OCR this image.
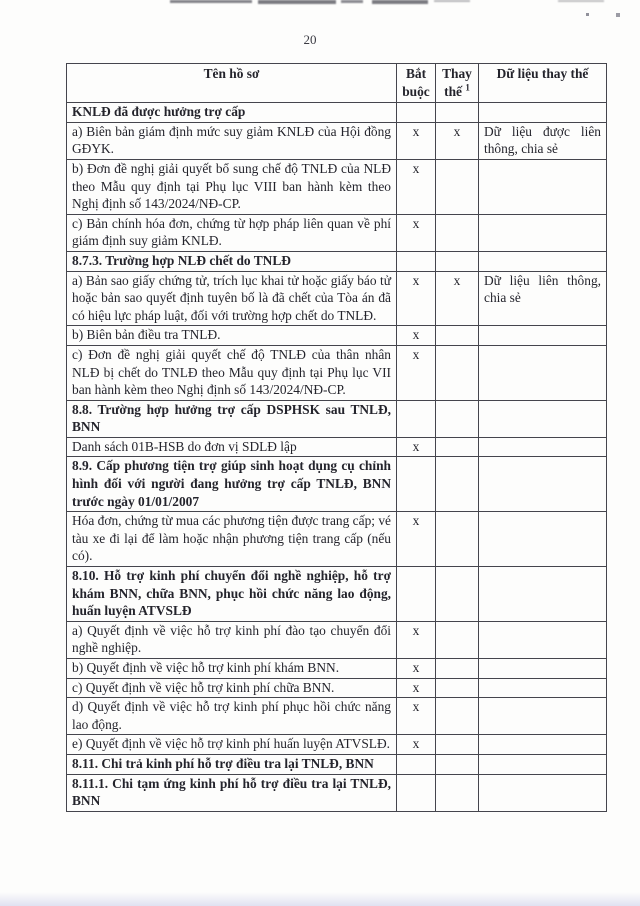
20
Tên hồ sơ	Bắt buộc	Thay thế $^1$	Dữ liệu thay thế
KNLĐ đã được hưởng trợ cấp			
a) Biên bản giám định mức suy giảm KNLĐ của Hội đồng GĐYK.	x	x	Dữ liệu được liên thông, chia sẻ
b) Đơn đề nghị giải quyết bổ sung chế độ TNLĐ của NLĐ theo Mẫu quy định tại Phụ lục VIII ban hành kèm theo Nghị định số 143/2024/NĐ-CP.	x		
c) Bản chính hóa đơn, chứng từ hợp pháp liên quan về phí giám định suy giảm KNLĐ.	x		
8.7.3. Trường hợp NLĐ chết do TNLĐ			
a) Bản sao giấy chứng tử, trích lục khai tử hoặc giấy báo tử hoặc bản sao quyết định tuyên bố là đã chết của Tòa án đã có hiệu lực pháp luật, đối với trường hợp chết do TNLĐ.	x	x	Dữ liệu liên thông, chia sẻ
b) Biên bản điều tra TNLĐ.	x		
c) Đơn đề nghị giải quyết chế độ TNLĐ của thân nhân NLĐ bị chết do TNLĐ theo Mẫu quy định tại Phụ lục VII ban hành kèm theo Nghị định số 143/2024/NĐ-CP.	x		
8.8. Trường hợp hưởng trợ cấp DSPHSK sau TNLĐ, BNN			
Danh sách 01B-HSB do đơn vị SDLĐ lập	x		
8.9. Cấp phương tiện trợ giúp sinh hoạt dụng cụ chỉnh hình đối với người đang hưởng trợ cấp TNLĐ, BNN trước ngày 01/01/2007			
Hóa đơn, chứng từ mua các phương tiện được trang cấp; vé tàu xe đi lại để làm hoặc nhận phương tiện trang cấp (nếu có).	x		
8.10. Hỗ trợ kinh phí chuyển đổi nghề nghiệp, hỗ trợ khám BNN, chữa BNN, phục hồi chức năng lao động, huấn luyện ATVSLĐ			
a) Quyết định về việc hỗ trợ kinh phí đào tạo chuyển đổi nghề nghiệp.	x		
b) Quyết định về việc hỗ trợ kinh phí khám BNN.	x		
c) Quyết định về việc hỗ trợ kinh phí chữa BNN.	x		
d) Quyết định về việc hỗ trợ kinh phí phục hồi chức năng lao động.	x		
e) Quyết định về việc hỗ trợ kinh phí huấn luyện ATVSLĐ.	x		
8.11. Chi trả kinh phí hỗ trợ điều tra lại TNLĐ, BNN			
8.11.1. Chi tạm ứng kinh phí hỗ trợ điều tra lại TNLĐ, BNN			
